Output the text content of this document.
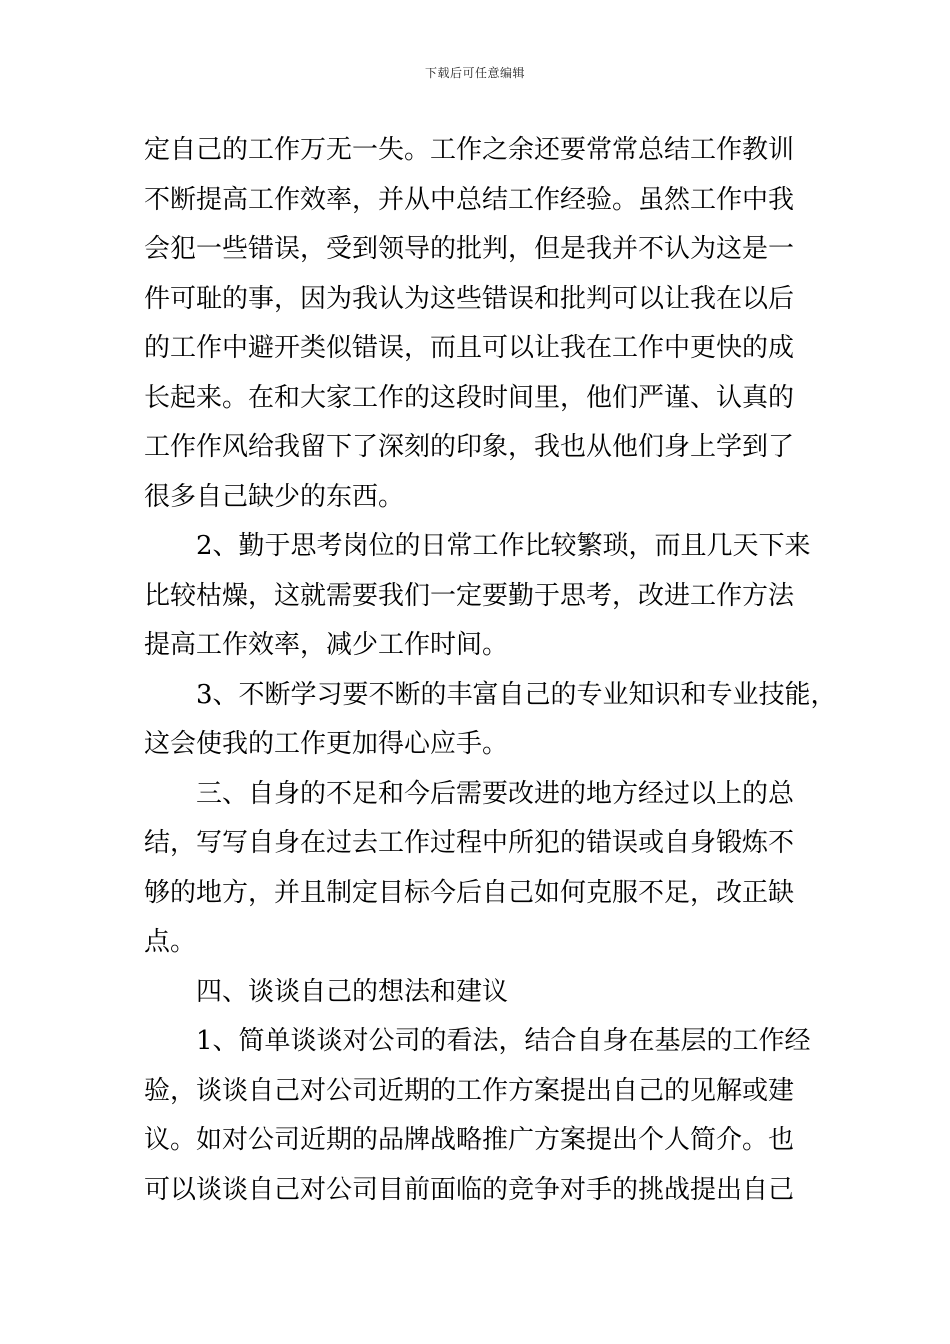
下载后可任意编辑
定自己的工作万无一失。工作之余还要常常总结工作教训
不断提高工作效率，并从中总结工作经验。虽然工作中我
会犯一些错误，受到领导的批判，但是我并不认为这是一
件可耻的事，因为我认为这些错误和批判可以让我在以后
的工作中避开类似错误，而且可以让我在工作中更快的成
长起来。在和大家工作的这段时间里，他们严谨、认真的
工作作风给我留下了深刻的印象，我也从他们身上学到了
很多自己缺少的东西。
2、勤于思考岗位的日常工作比较繁琐，而且几天下来
比较枯燥，这就需要我们一定要勤于思考，改进工作方法
提高工作效率，减少工作时间。
3、不断学习要不断的丰富自己的专业知识和专业技能，
这会使我的工作更加得心应手。
三、自身的不足和今后需要改进的地方经过以上的总
结，写写自身在过去工作过程中所犯的错误或自身锻炼不
够的地方，并且制定目标今后自己如何克服不足，改正缺
点。
四、谈谈自己的想法和建议
1、简单谈谈对公司的看法，结合自身在基层的工作经
验，谈谈自己对公司近期的工作方案提出自己的见解或建
议。如对公司近期的品牌战略推广方案提出个人简介。也
可以谈谈自己对公司目前面临的竞争对手的挑战提出自己
